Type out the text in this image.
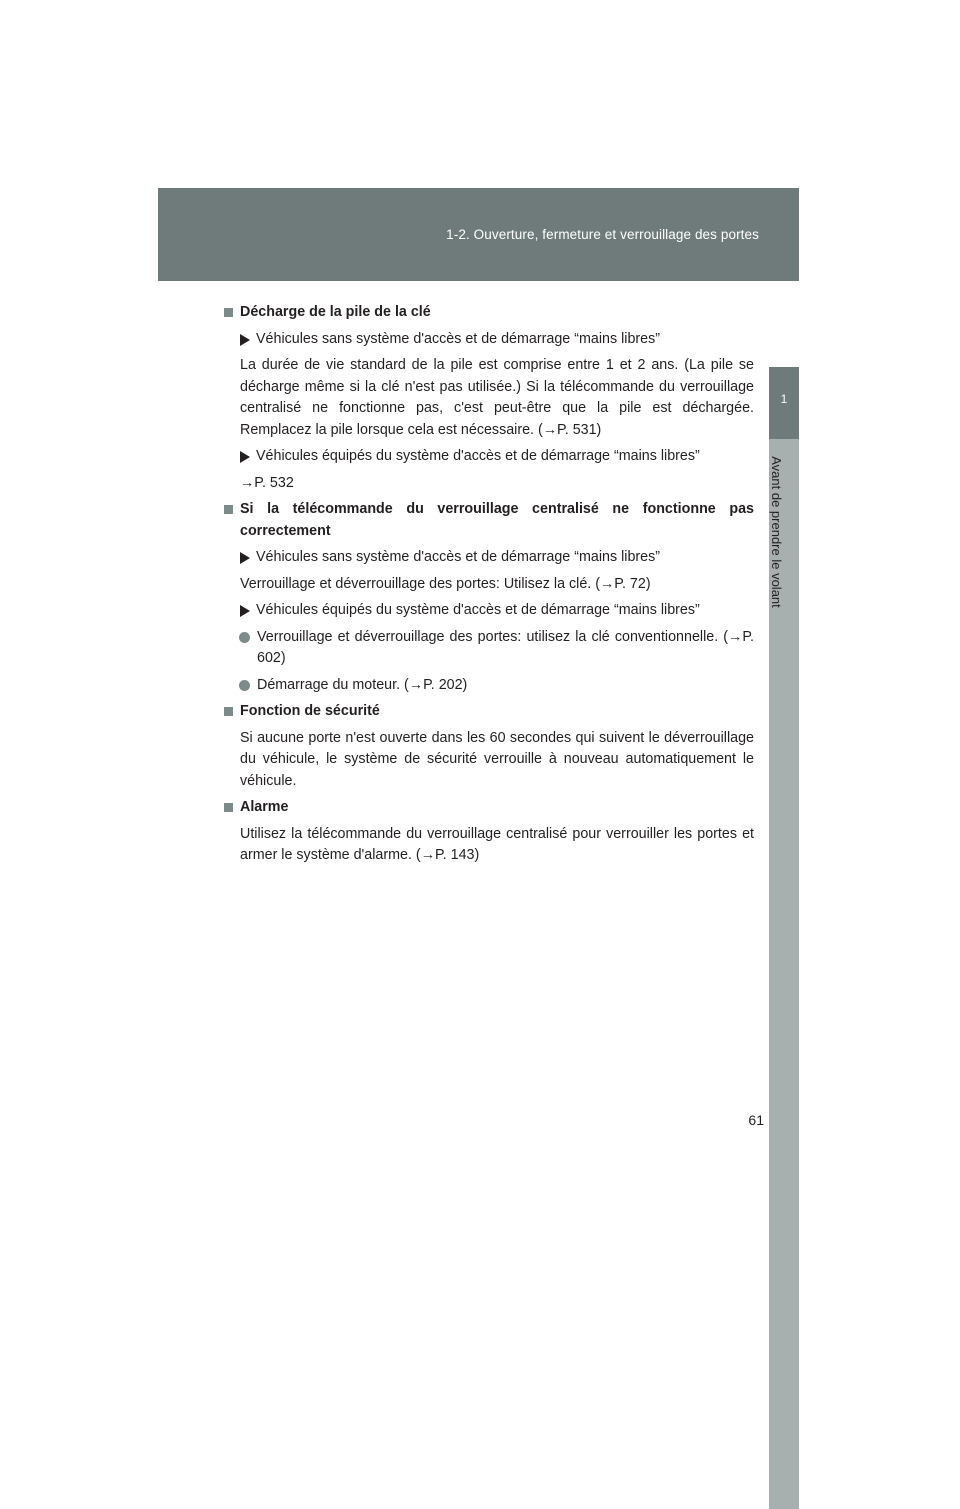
1-2. Ouverture, fermeture et verrouillage des portes
1
Avant de prendre le volant

Décharge de la pile de la clé

Véhicules sans système d'accès et de démarrage “mains libres”

La durée de vie standard de la pile est comprise entre 1 et 2 ans. (La pile se décharge même si la clé n'est pas utilisée.) Si la télécommande du verrouillage centralisé ne fonctionne pas, c'est peut-être que la pile est déchargée. Remplacez la pile lorsque cela est nécessaire. (→P. 531)

Véhicules équipés du système d'accès et de démarrage “mains libres”

→P. 532

Si la télécommande du verrouillage centralisé ne fonctionne pas correctement

Véhicules sans système d'accès et de démarrage “mains libres”

Verrouillage et déverrouillage des portes: Utilisez la clé. (→P. 72)

Véhicules équipés du système d'accès et de démarrage “mains libres”

Verrouillage et déverrouillage des portes: utilisez la clé conventionnelle. (→P. 602)

Démarrage du moteur. (→P. 202)

Fonction de sécurité

Si aucune porte n'est ouverte dans les 60 secondes qui suivent le déverrouillage du véhicule, le système de sécurité verrouille à nouveau automatiquement le véhicule.

Alarme

Utilisez la télécommande du verrouillage centralisé pour verrouiller les portes et armer le système d'alarme. (→P. 143)

61
